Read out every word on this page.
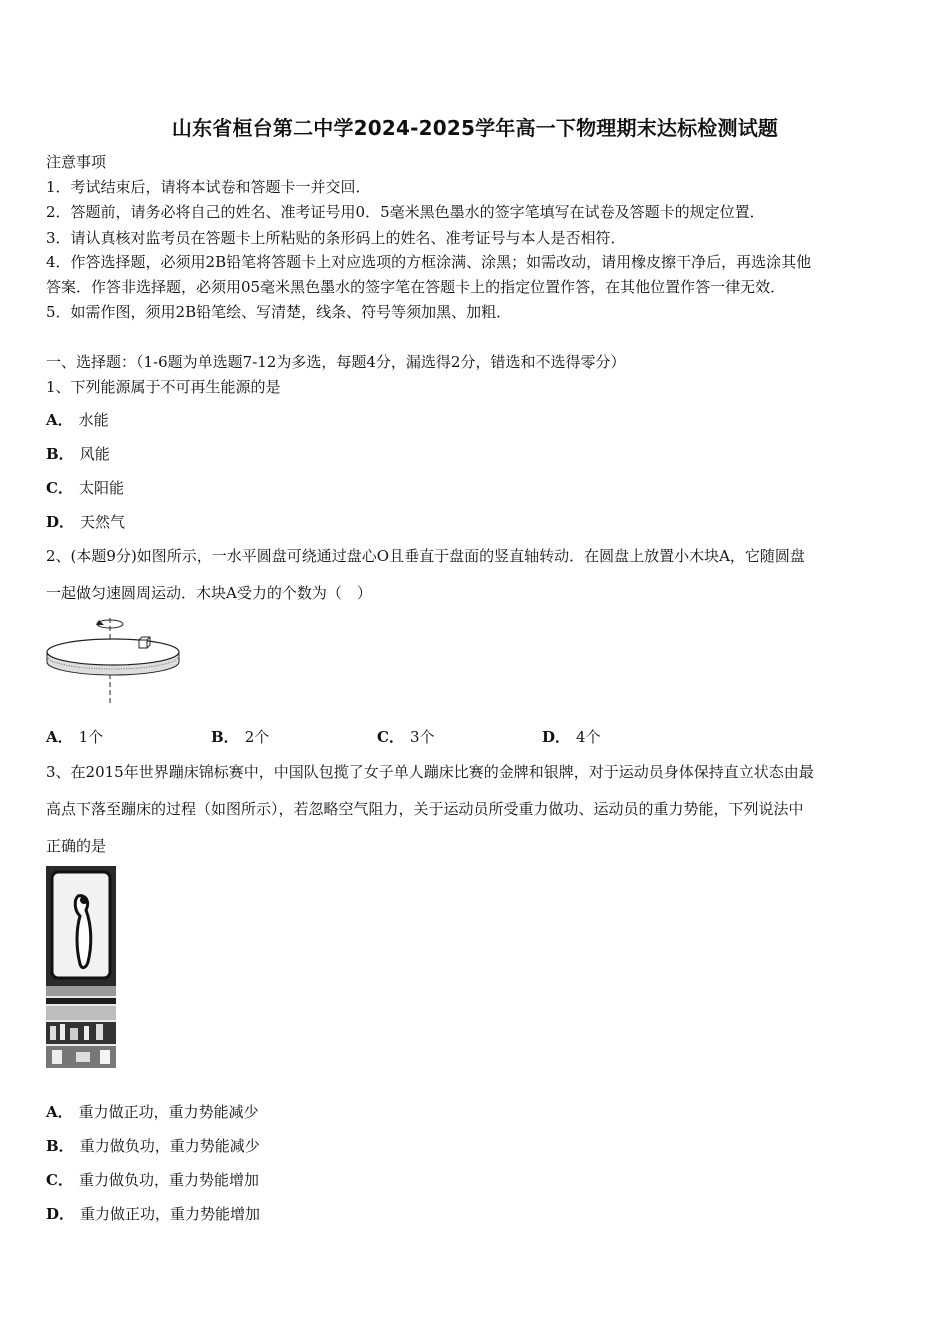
山东省桓台第二中学2024-2025学年高一下物理期末达标检测试题
注意事项
1．考试结束后，请将本试卷和答题卡一并交回．
2．答题前，请务必将自己的姓名、准考证号用0．5毫米黑色墨水的签字笔填写在试卷及答题卡的规定位置．
3．请认真核对监考员在答题卡上所粘贴的条形码上的姓名、准考证号与本人是否相符．
4．作答选择题，必须用2B铅笔将答题卡上对应选项的方框涂满、涂黑；如需改动，请用橡皮擦干净后，再选涂其他
答案．作答非选择题，必须用05毫米黑色墨水的签字笔在答题卡上的指定位置作答，在其他位置作答一律无效．
5．如需作图，须用2B铅笔绘、写清楚，线条、符号等须加黑、加粗．
一、选择题：（1-6题为单选题7-12为多选，每题4分，漏选得2分，错选和不选得零分）
1、下列能源属于不可再生能源的是
A． 水能
B． 风能
C． 太阳能
D． 天然气
2、(本题9分)如图所示，一水平圆盘可绕通过盘心O且垂直于盘面的竖直轴转动．在圆盘上放置小木块A，它随圆盘
一起做匀速圆周运动．木块A受力的个数为（　）
A． 1个	B． 2个	C． 3个	D． 4个
3、在2015年世界蹦床锦标赛中，中国队包揽了女子单人蹦床比赛的金牌和银牌，对于运动员身体保持直立状态由最
高点下落至蹦床的过程（如图所示），若忽略空气阻力，关于运动员所受重力做功、运动员的重力势能，下列说法中
正确的是
A． 重力做正功，重力势能减少
B． 重力做负功，重力势能减少
C． 重力做负功，重力势能增加
D． 重力做正功，重力势能增加
